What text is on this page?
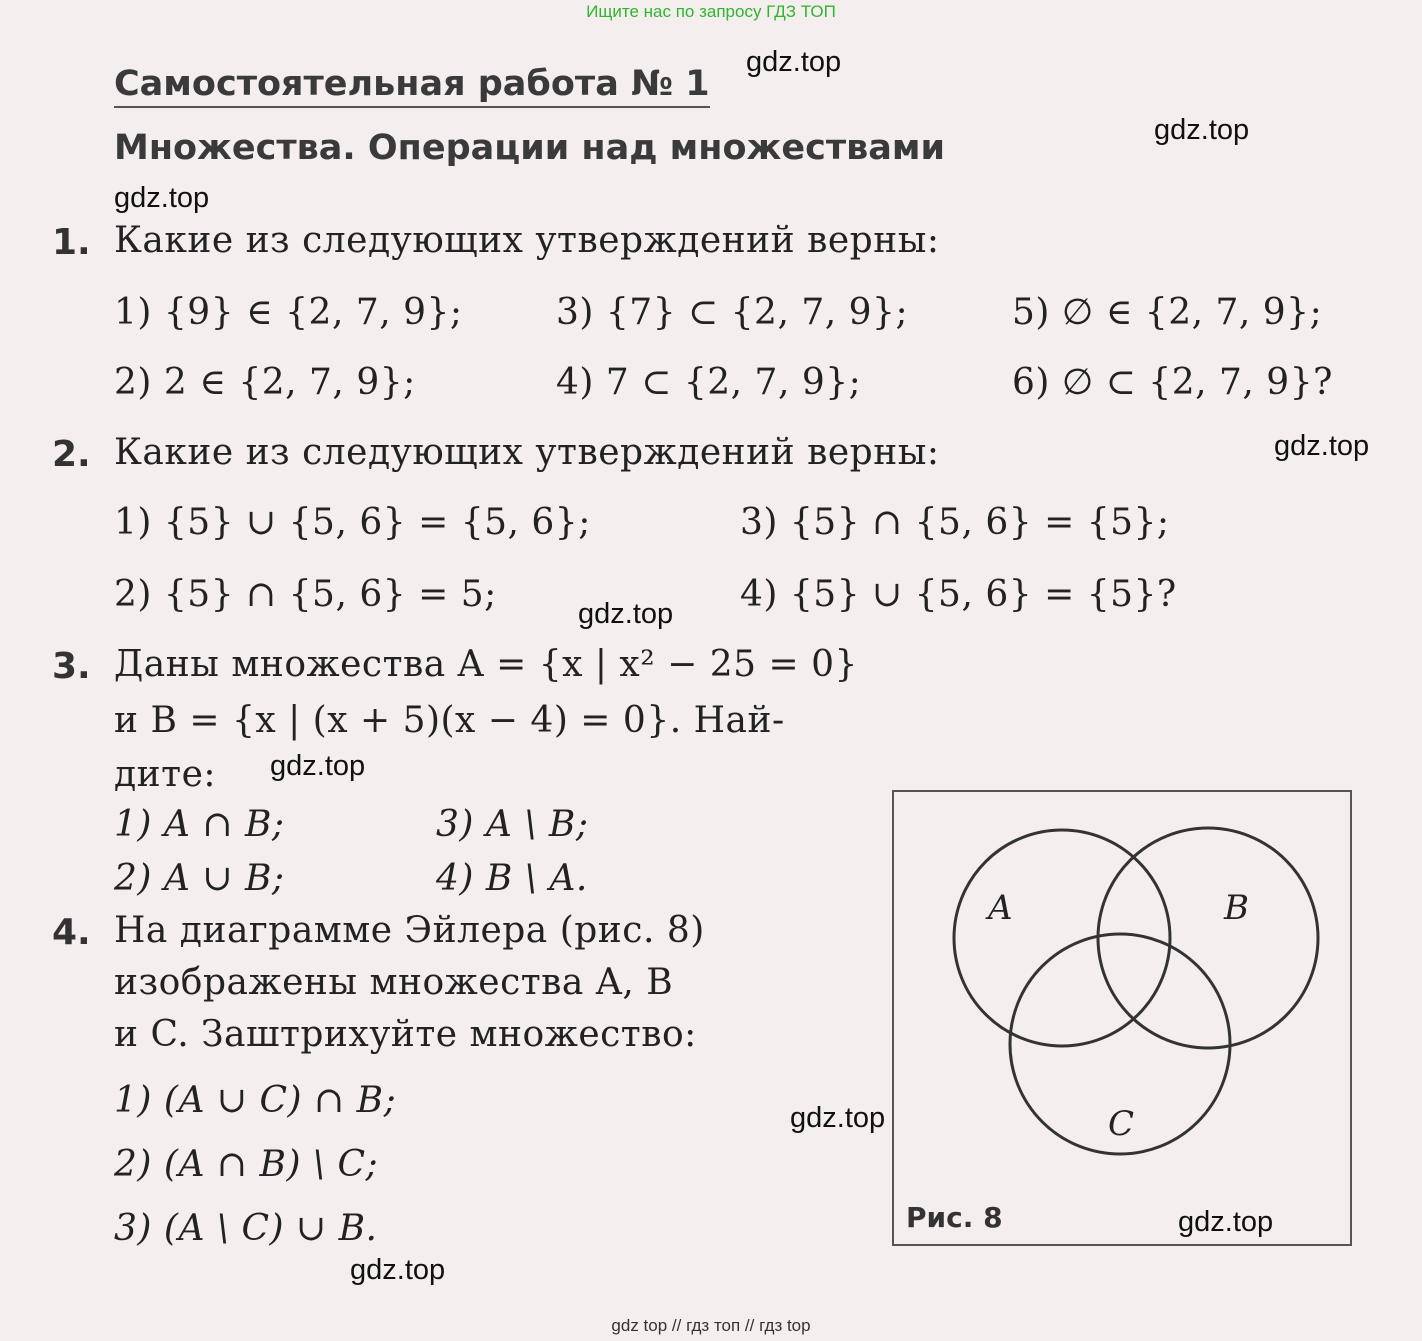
Ищите нас по запросу ГДЗ ТОП
gdz.top
gdz.top
gdz.top
gdz.top
gdz.top
gdz.top
gdz.top
gdz.top
gdz.top
Самостоятельная работа № 1
Множества. Операции над множествами
1. Какие из следующих утверждений верны:
1) {9} ∈ {2, 7, 9};	3) {7} ⊂ {2, 7, 9};	5) ∅ ∈ {2, 7, 9};
2) 2 ∈ {2, 7, 9};	4) 7 ⊂ {2, 7, 9};	6) ∅ ⊂ {2, 7, 9}?
2. Какие из следующих утверждений верны:
1) {5} ∪ {5, 6} = {5, 6};	3) {5} ∩ {5, 6} = {5};
2) {5} ∩ {5, 6} = 5;	4) {5} ∪ {5, 6} = {5}?
3. Даны множества A = {x | x² − 25 = 0}
и B = {x | (x + 5)(x − 4) = 0}. Най-
дите:
1) A ∩ B;	3) A \ B;
2) A ∪ B;	4) B \ A.
4. На диаграмме Эйлера (рис. 8)
изображены множества A, B
и C. Заштрихуйте множество:
1) (A ∪ C) ∩ B;
2) (A ∩ B) \ C;
3) (A \ C) ∪ B.
A	B
C
Рис. 8
gdz top // гдз топ // гдз top
